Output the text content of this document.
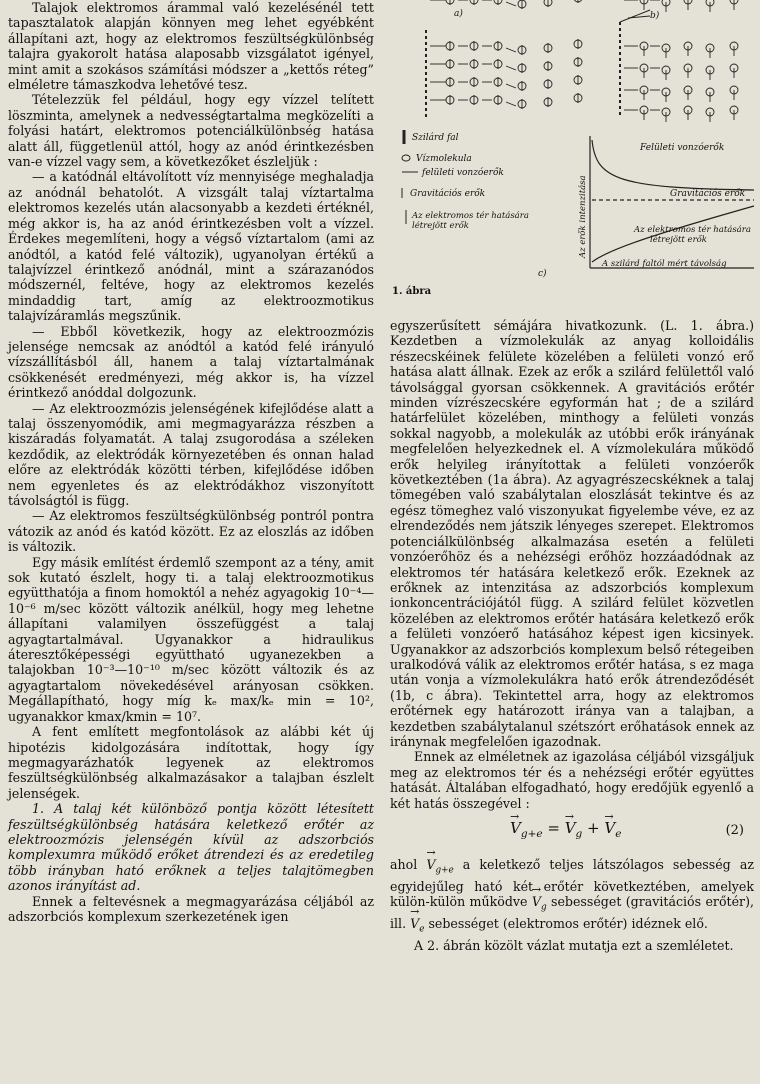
a)	b)
c)
Szilárd fal
Vízmolekula
felületi vonzóerők
Gravitációs erők
Az elektromos tér hatására létrejött erők
Felületi vonzóerők
Gravitációs erők
Az elektromos tér hatására létrejött erők
A szilárd faltól mért távolság
Az erők intenzitása
1. ábra

Talajok elektromos árammal való kezelésénél tett tapasztalatok alapján könnyen meg lehet egyébként állapítani azt, hogy az elektromos feszültségkülönbség talajra gyakorolt hatása alaposabb vizsgálatot igényel, mint amit a szokásos számítási módszer a „kettős réteg” elméletre támaszkodva lehetővé tesz.

Tételezzük fel például, hogy egy vízzel telített löszminta, amelynek a nedvességtartalma megközelíti a folyási határt, elektromos potenciálkülönbség hatása alatt áll, függetlenül attól, hogy az anód érintkezésben van-e vízzel vagy sem, a következőket észleljük :

— a katódnál eltávolított víz mennyisége meghaladja az anódnál behatolót. A vizsgált talaj víztartalma elektromos kezelés után alacsonyabb a kezdeti értéknél, még akkor is, ha az anód érintkezésben volt a vízzel. Érdekes megemlíteni, hogy a végső víztartalom (ami az anódtól, a katód felé változik), ugyanolyan értékű a talajvízzel érintkező anódnál, mint a szárazanódos módszernél, feltéve, hogy az elektromos kezelés mindaddig tart, amíg az elektroozmotikus talajvízáramlás megszűnik.

— Ebből következik, hogy az elektroozmózis jelensége nemcsak az anódtól a katód felé irányuló vízszállításból áll, hanem a talaj víztartalmának csökkenését eredményezi, még akkor is, ha vízzel érintkező anóddal dolgozunk.

— Az elektroozmózis jelenségének kifejlődése alatt a talaj összenyomódik, ami megmagyarázza részben a kiszáradás folyamatát. A talaj zsugorodása a széleken kezdődik, az elektródák környezetében és onnan halad előre az elektródák közötti térben, kifejlődése időben nem egyenletes és az elektródákhoz viszonyított távolságtól is függ.

— Az elektromos feszültségkülönbség pontról pontra vátozik az anód és katód között. Ez az eloszlás az időben is változik.

Egy másik említést érdemlő szempont az a tény, amit sok kutató észlelt, hogy ti. a talaj elektroozmotikus együtthatója a finom homoktól a nehéz agyagokig 10⁻⁴—10⁻⁶ m/sec között változik anélkül, hogy meg lehetne állapítani valamilyen összefüggést a talaj agyagtartalmával. Ugyanakkor a hidraulikus áteresztőképességi együttható ugyanezekben a talajokban 10⁻³—10⁻¹⁰ m/sec között változik és az agyagtartalom növekedésével arányosan csökken. Megállapítható, hogy míg kₑ max/kₑ min = 10², ugyanakkor kmax/kmin = 10⁷.

A fent említett megfontolások az alábbi két új hipotézis kidolgozására indítottak, hogy így megmagyarázhatók legyenek az elektromos feszültségkülönbség alkalmazásakor a talajban észlelt jelenségek.

1. A talaj két különböző pontja között létesített feszültségkülönbség hatására keletkező erőtér az elektroozmózis jelenségén kívül az adszorbciós komplexumra működő erőket átrendezi és az eredetileg több irányban ható erőknek a teljes talajtömegben azonos irányítást ad.

Ennek a feltevésnek a megmagyarázása céljából az adszorbciós komplexum szerkezetének igen

egyszerűsített sémájára hivatkozunk. (L. 1. ábra.) Kezdetben a vízmolekulák az anyag kolloidális részecskéinek felülete közelében a felületi vonzó erő hatása alatt állnak. Ezek az erők a szilárd felülettől való távolsággal gyorsan csökkennek. A gravitációs erőtér minden vízrészecskére egyformán hat ; de a szilárd határfelület közelében, minthogy a felületi vonzás sokkal nagyobb, a molekulák az utóbbi erők irányának megfelelően helyezkednek el. A vízmolekulára működő erők helyileg irányítottak a felületi vonzóerők következtében (1a ábra). Az agyagrészecskéknek a talaj tömegében való szabálytalan eloszlását tekintve és az egész tömeghez való viszonyukat figyelembe véve, ez az elrendeződés nem játszik lényeges szerepet. Elektromos potenciálkülönbség alkalmazása esetén a felületi vonzóerőhöz és a nehézségi erőhöz hozzáadódnak az elektromos tér hatására keletkező erők. Ezeknek az erőknek az intenzitása az adszorbciós komplexum ionkoncentrációjától függ. A szilárd felület közvetlen közelében az elektromos erőtér hatására keletkező erők a felületi vonzóerő hatásához képest igen kicsinyek. Ugyanakkor az adszorbciós komplexum belső rétegeiben uralkodóvá válik az elektromos erőtér hatása, s ez maga után vonja a vízmolekulákra ható erők átrendeződését (1b, c ábra). Tekintettel arra, hogy az elektromos erőtérnek egy határozott iránya van a talajban, a kezdetben szabálytalanul szétszórt erőhatások ennek az iránynak megfelelően igazodnak.

Ennek az elméletnek az igazolása céljából vizsgáljuk meg az elektromos tér és a nehézségi erőtér együttes hatását. Általában elfogadható, hogy eredőjük egyenlő a két hatás összegével :

→ $V_{g+e}$ = → $V_g$ + → $V_e$	(2)

ahol → $V_{g+e}$ a keletkező teljes látszólagos sebesség az egyidejűleg ható két erőtér következtében, amelyek külön-külön működve → $V_g$ sebességet (gravitációs erőtér), ill. → $V_e$ sebességet (elektromos erőtér) idéznek elő.

A 2. ábrán közölt vázlat mutatja ezt a szemléletet.
